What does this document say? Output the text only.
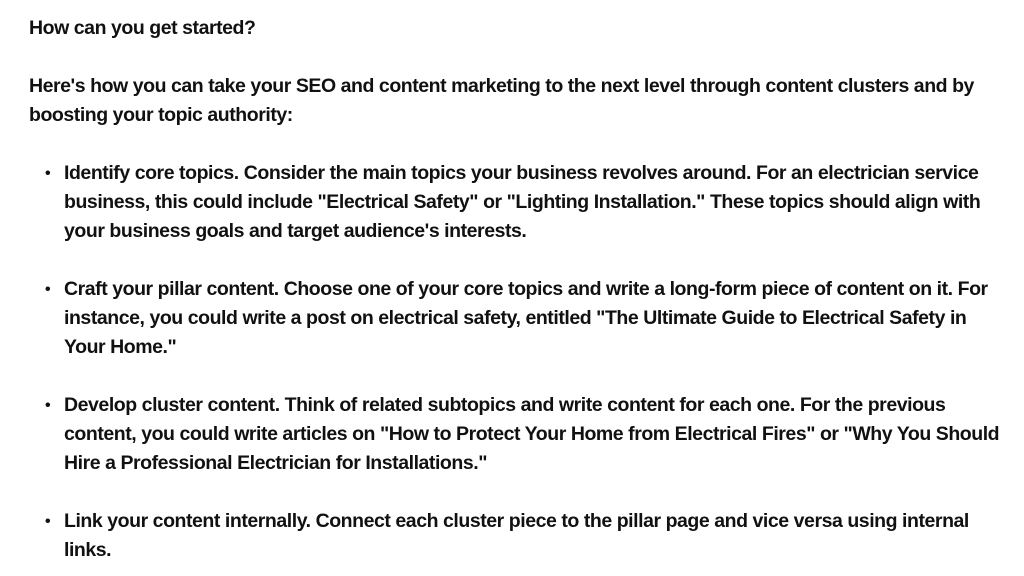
How can you get started?

Here's how you can take your SEO and content marketing to the next level through content clusters and by boosting your topic authority:

• Identify core topics. Consider the main topics your business revolves around. For an electrician service business, this could include "Electrical Safety" or "Lighting Installation." These topics should align with your business goals and target audience's interests.
• Craft your pillar content. Choose one of your core topics and write a long-form piece of content on it. For instance, you could write a post on electrical safety, entitled "The Ultimate Guide to Electrical Safety in Your Home."
• Develop cluster content. Think of related subtopics and write content for each one. For the previous content, you could write articles on "How to Protect Your Home from Electrical Fires" or "Why You Should Hire a Professional Electrician for Installations."
• Link your content internally. Connect each cluster piece to the pillar page and vice versa using internal links.
